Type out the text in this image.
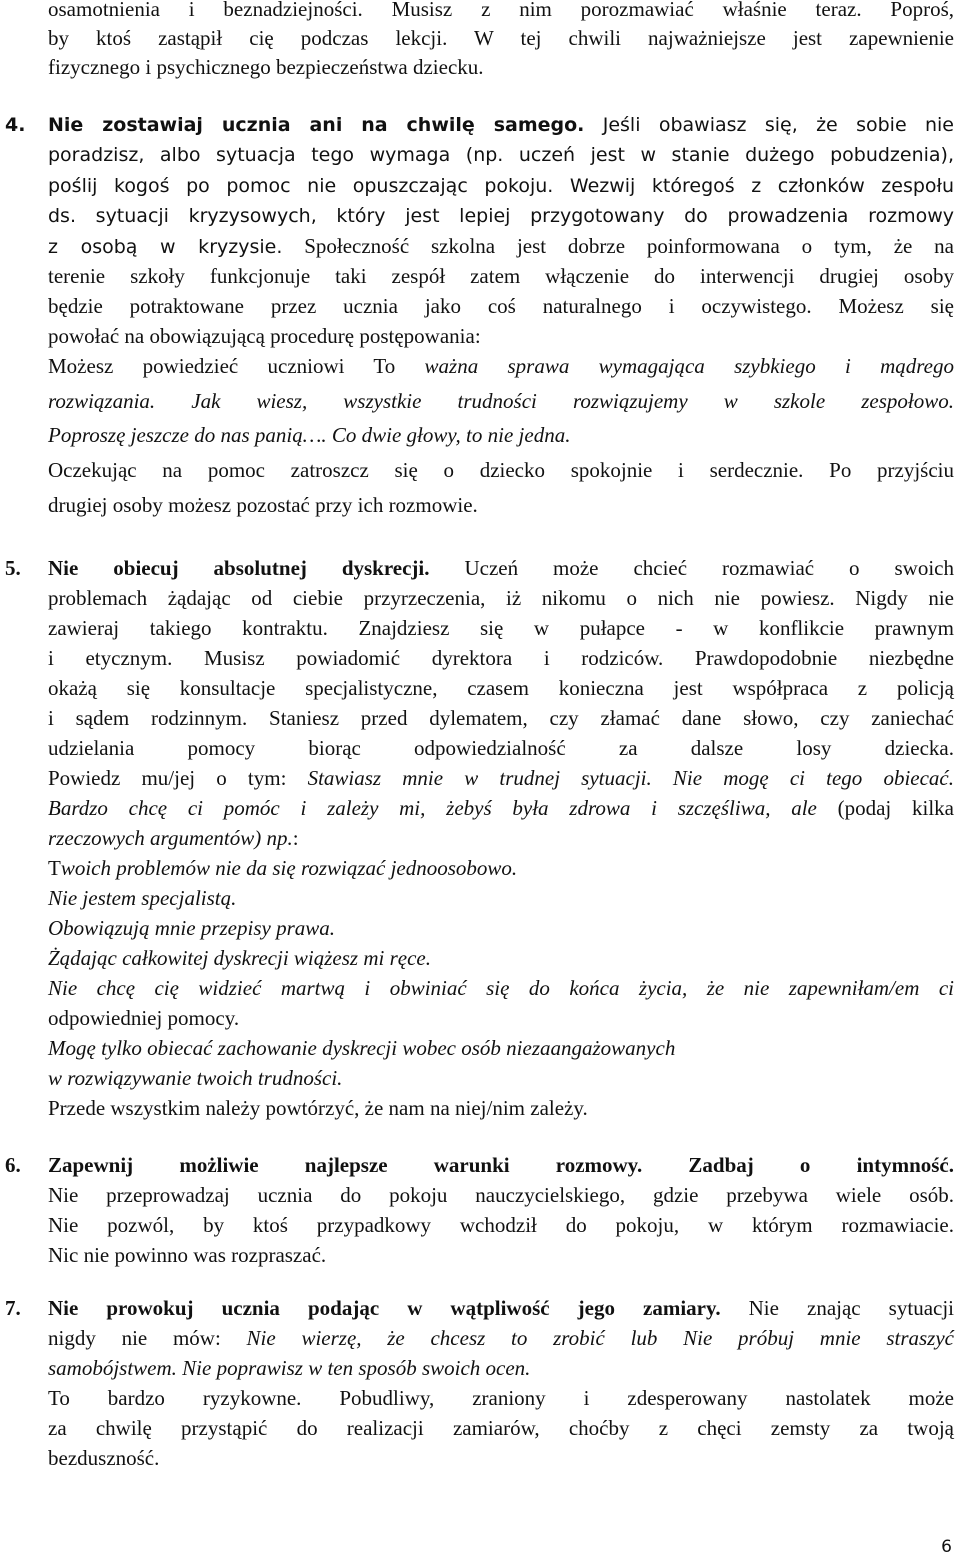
osamotnienia i beznadziejności. Musisz z nim porozmawiać właśnie teraz. Poproś,
by ktoś zastąpił cię podczas lekcji. W tej chwili najważniejsze jest zapewnienie
fizycznego i psychicznego bezpieczeństwa dziecku.
4. Nie zostawiaj ucznia ani na chwilę samego. Jeśli obawiasz się, że sobie nie
poradzisz, albo sytuacja tego wymaga (np. uczeń jest w stanie dużego pobudzenia),
poślij kogoś po pomoc nie opuszczając pokoju. Wezwij któregoś z członków zespołu
ds. sytuacji kryzysowych, który jest lepiej przygotowany do prowadzenia rozmowy
z osobą w kryzysie. Społeczność szkolna jest dobrze poinformowana o tym, że na
terenie szkoły funkcjonuje taki zespół zatem włączenie do interwencji drugiej osoby
będzie potraktowane przez ucznia jako coś naturalnego i oczywistego. Możesz się
powołać na obowiązującą procedurę postępowania:
Możesz powiedzieć uczniowi To ważna sprawa wymagająca szybkiego i mądrego
rozwiązania. Jak wiesz, wszystkie trudności rozwiązujemy w szkole zespołowo.
Poproszę jeszcze do nas panią…. Co dwie głowy, to nie jedna.
Oczekując na pomoc zatroszcz się o dziecko spokojnie i serdecznie. Po przyjściu
drugiej osoby możesz pozostać przy ich rozmowie.
5. Nie obiecuj absolutnej dyskrecji. Uczeń może chcieć rozmawiać o swoich
problemach żądając od ciebie przyrzeczenia, iż nikomu o nich nie powiesz. Nigdy nie
zawieraj takiego kontraktu. Znajdziesz się w pułapce - w konflikcie prawnym
i etycznym. Musisz powiadomić dyrektora i rodziców. Prawdopodobnie niezbędne
okażą się konsultacje specjalistyczne, czasem konieczna jest współpraca z policją
i sądem rodzinnym. Staniesz przed dylematem, czy złamać dane słowo, czy zaniechać
udzielania pomocy biorąc odpowiedzialność za dalsze losy dziecka.
Powiedz mu/jej o tym: Stawiasz mnie w trudnej sytuacji. Nie mogę ci tego obiecać.
Bardzo chcę ci pomóc i zależy mi, żebyś była zdrowa i szczęśliwa, ale (podaj kilka
rzeczowych argumentów) np.:
Twoich problemów nie da się rozwiązać jednoosobowo.
Nie jestem specjalistą.
Obowiązują mnie przepisy prawa.
Żądając całkowitej dyskrecji wiążesz mi ręce.
Nie chcę cię widzieć martwą i obwiniać się do końca życia, że nie zapewniłam/em ci
odpowiedniej pomocy.
Mogę tylko obiecać zachowanie dyskrecji wobec osób niezaangażowanych
w rozwiązywanie twoich trudności.
Przede wszystkim należy powtórzyć, że nam na niej/nim zależy.
6. Zapewnij możliwie najlepsze warunki rozmowy. Zadbaj o intymność.
Nie przeprowadzaj ucznia do pokoju nauczycielskiego, gdzie przebywa wiele osób.
Nie pozwól, by ktoś przypadkowy wchodził do pokoju, w którym rozmawiacie.
Nic nie powinno was rozpraszać.
7. Nie prowokuj ucznia podając w wątpliwość jego zamiary. Nie znając sytuacji
nigdy nie mów: Nie wierzę, że chcesz to zrobić lub Nie próbuj mnie straszyć
samobójstwem. Nie poprawisz w ten sposób swoich ocen.
To bardzo ryzykowne. Pobudliwy, zraniony i zdesperowany nastolatek może
za chwilę przystąpić do realizacji zamiarów, choćby z chęci zemsty za twoją
bezduszność.
6
